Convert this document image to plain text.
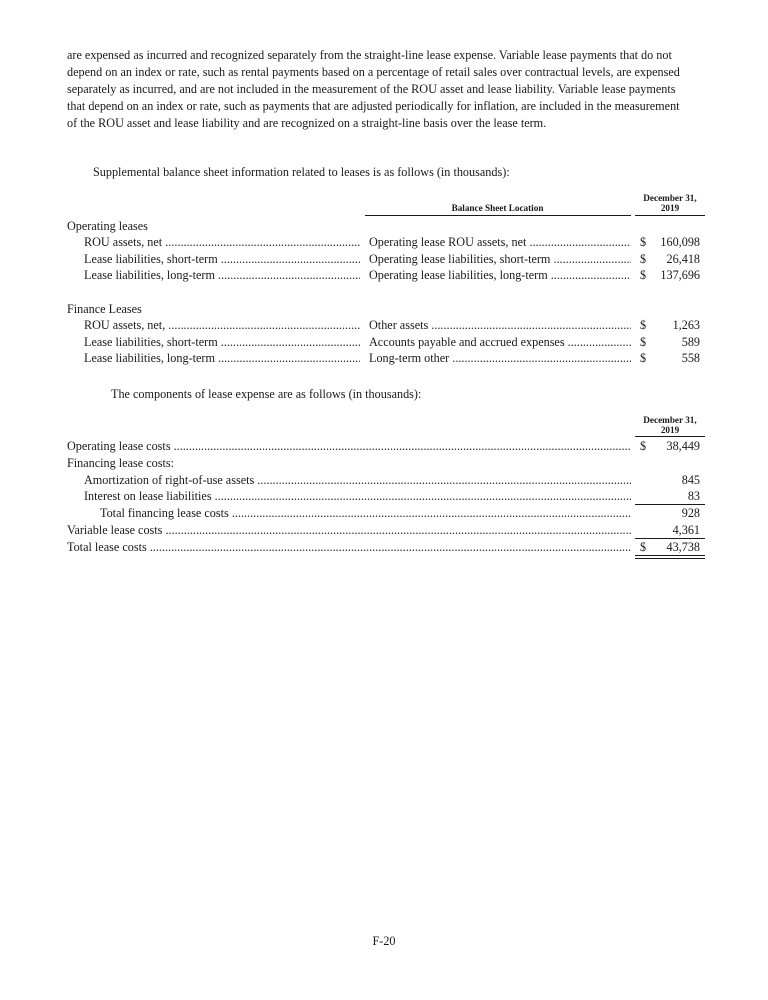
are expensed as incurred and recognized separately from the straight-line lease expense. Variable lease payments that do not
depend on an index or rate, such as rental payments based on a percentage of retail sales over contractual levels, are expensed
separately as incurred, and are not included in the measurement of the ROU asset and lease liability. Variable lease payments
that depend on an index or rate, such as payments that are adjusted periodically for inflation, are included in the measurement
of the ROU asset and lease liability and are recognized on a straight-line basis over the lease term.
Supplemental balance sheet information related to leases is as follows (in thousands):
December 31,
2019
Balance Sheet Location
Operating leases
ROU assets, net .....	Operating lease ROU assets, net .....	$	160,098
Lease liabilities, short-term .....	Operating lease liabilities, short-term .....	$	26,418
Lease liabilities, long-term .....	Operating lease liabilities, long-term .....	$	137,696
Finance Leases
ROU assets, net, .....	Other assets .....	$	1,263
Lease liabilities, short-term .....	Accounts payable and accrued expenses .....	$	589
Lease liabilities, long-term .....	Long-term other .....	$	558
The components of lease expense are as follows (in thousands):
December 31,
2019
Operating lease costs .....	$	38,449
Financing lease costs:
Amortization of right-of-use assets .....	845
Interest on lease liabilities .....	83
Total financing lease costs .....	928
Variable lease costs .....	4,361
Total lease costs .....	$	43,738
F-20
